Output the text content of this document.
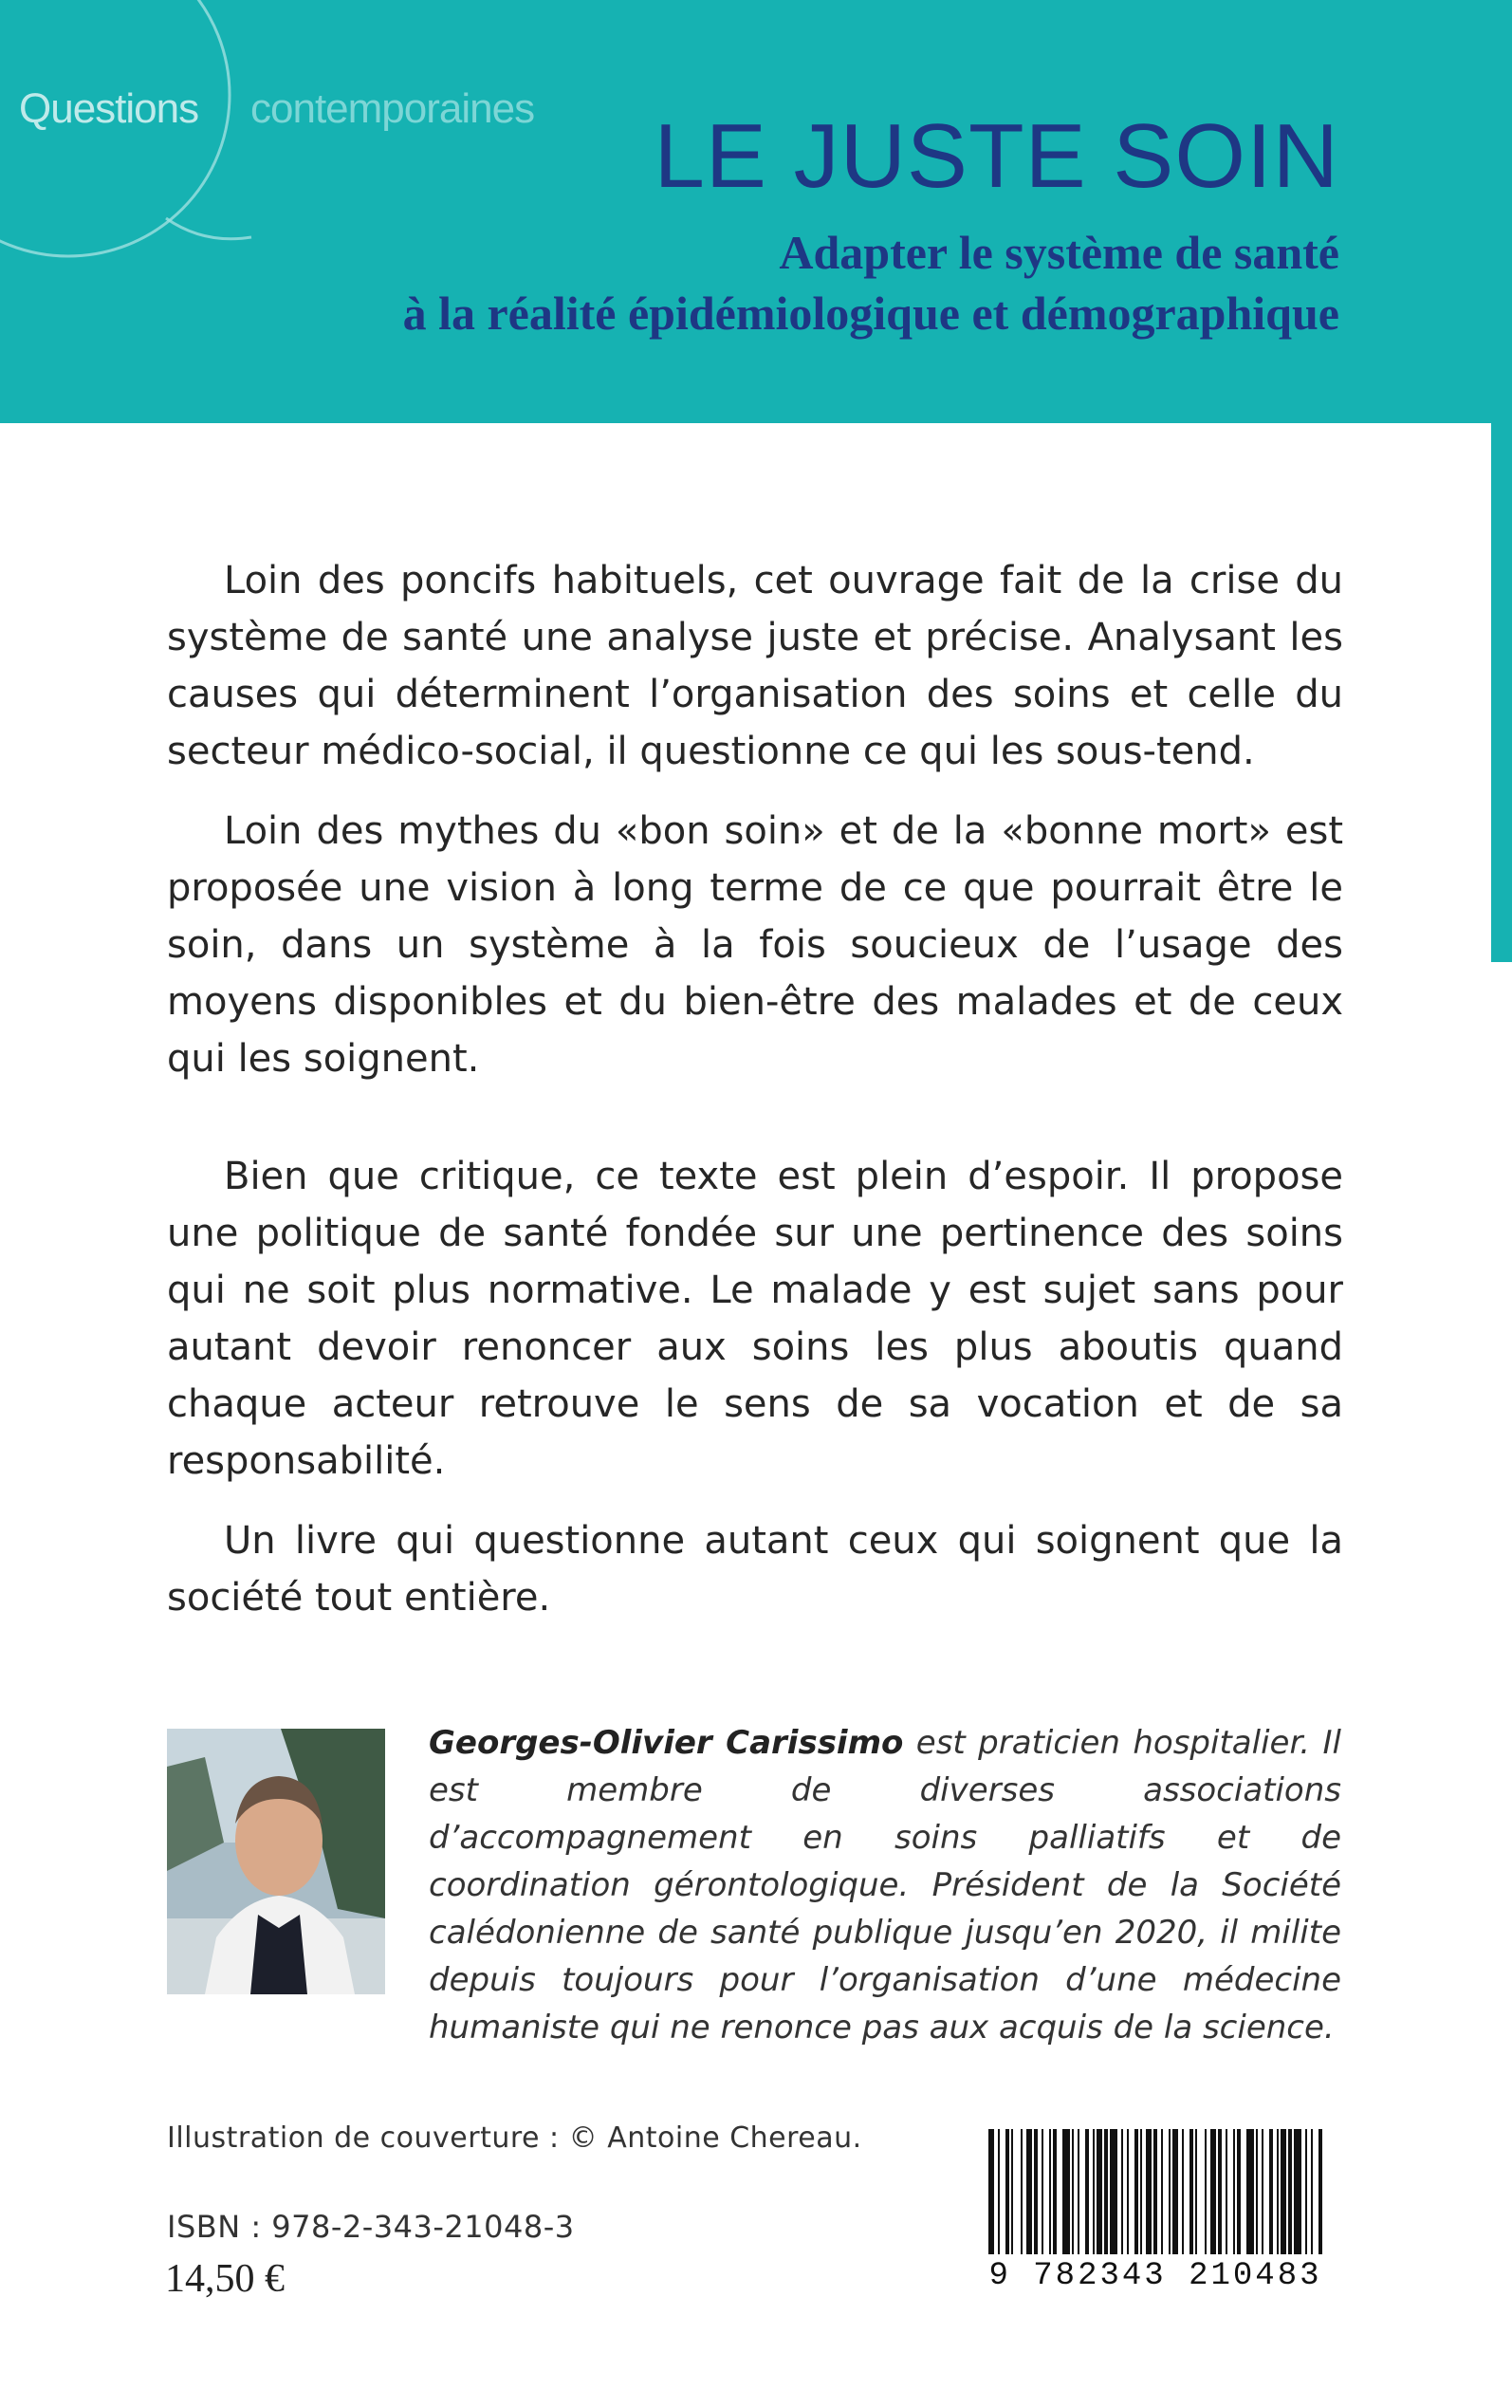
Questions contemporaines LE JUSTE SOIN
Adapter le système de santé
à la réalité épidémiologique et démographique

Loin des poncifs habituels, cet ouvrage fait de la crise du système de santé une analyse juste et précise. Analysant les causes qui déterminent l’organisation des soins et celle du secteur médico-social, il questionne ce qui les sous-tend.

Loin des mythes du «bon soin» et de la «bonne mort» est proposée une vision à long terme de ce que pourrait être le soin, dans un système à la fois soucieux de l’usage des moyens disponibles et du bien-être des malades et de ceux qui les soignent.

Bien que critique, ce texte est plein d’espoir. Il propose une politique de santé fondée sur une pertinence des soins qui ne soit plus normative. Le malade y est sujet sans pour autant devoir renoncer aux soins les plus aboutis quand chaque acteur retrouve le sens de sa vocation et de sa responsabilité.

Un livre qui questionne autant ceux qui soignent que la société tout entière.

Georges-Olivier Carissimo est praticien hospitalier. Il est membre de diverses associations d’accompagnement en soins palliatifs et de coordination gérontologique. Président de la Société calédonienne de santé publique jusqu’en 2020, il milite depuis toujours pour l’organisation d’une médecine humaniste qui ne renonce pas aux acquis de la science.
Illustration de couverture : © Antoine Chereau.
ISBN : 978-2-343-21048-3
14,50 €	9 782343 210483
